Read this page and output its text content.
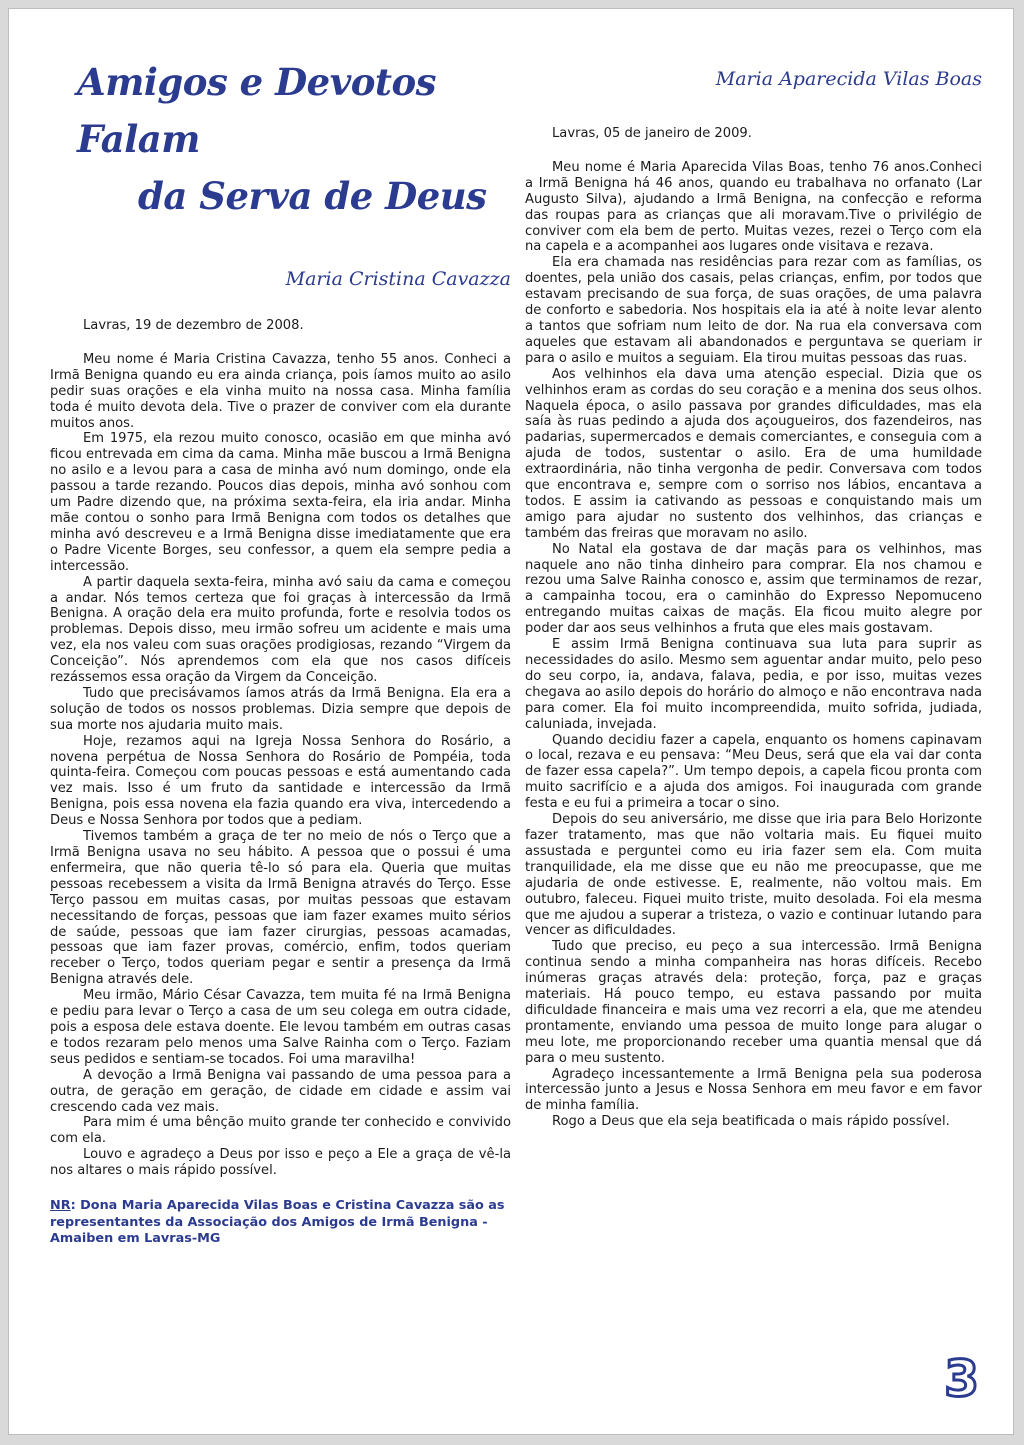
Amigos e Devotos Falam
da Serva de Deus

Maria Cristina Cavazza

Lavras, 19 de dezembro de 2008.

Meu nome é Maria Cristina Cavazza, tenho 55 anos. Conheci a Irmã Benigna quando eu era ainda criança, pois íamos muito ao asilo pedir suas orações e ela vinha muito na nossa casa. Minha família toda é muito devota dela. Tive o prazer de conviver com ela durante muitos anos.

Em 1975, ela rezou muito conosco, ocasião em que minha avó ficou entrevada em cima da cama. Minha mãe buscou a Irmã Benigna no asilo e a levou para a casa de minha avó num domingo, onde ela passou a tarde rezando. Poucos dias depois, minha avó sonhou com um Padre dizendo que, na próxima sexta-feira, ela iria andar. Minha mãe contou o sonho para Irmã Benigna com todos os detalhes que minha avó descreveu e a Irmã Benigna disse imediatamente que era o Padre Vicente Borges, seu confessor, a quem ela sempre pedia a intercessão.

A partir daquela sexta-feira, minha avó saiu da cama e começou a andar. Nós temos certeza que foi graças à intercessão da Irmã Benigna. A oração dela era muito profunda, forte e resolvia todos os problemas. Depois disso, meu irmão sofreu um acidente e mais uma vez, ela nos valeu com suas orações prodigiosas, rezando “Virgem da Conceição”. Nós aprendemos com ela que nos casos difíceis rezássemos essa oração da Virgem da Conceição.

Tudo que precisávamos íamos atrás da Irmã Benigna. Ela era a solução de todos os nossos problemas. Dizia sempre que depois de sua morte nos ajudaria muito mais.

Hoje, rezamos aqui na Igreja Nossa Senhora do Rosário, a novena perpétua de Nossa Senhora do Rosário de Pompéia, toda quinta-feira. Começou com poucas pessoas e está aumentando cada vez mais. Isso é um fruto da santidade e intercessão da Irmã Benigna, pois essa novena ela fazia quando era viva, intercedendo a Deus e Nossa Senhora por todos que a pediam.

Tivemos também a graça de ter no meio de nós o Terço que a Irmã Benigna usava no seu hábito. A pessoa que o possui é uma enfermeira, que não queria tê-lo só para ela. Queria que muitas pessoas recebessem a visita da Irmã Benigna através do Terço. Esse Terço passou em muitas casas, por muitas pessoas que estavam necessitando de forças, pessoas que iam fazer exames muito sérios de saúde, pessoas que iam fazer cirurgias, pessoas acamadas, pessoas que iam fazer provas, comércio, enfim, todos queriam receber o Terço, todos queriam pegar e sentir a presença da Irmã Benigna através dele.

Meu irmão, Mário César Cavazza, tem muita fé na Irmã Benigna e pediu para levar o Terço a casa de um seu colega em outra cidade, pois a esposa dele estava doente. Ele levou também em outras casas e todos rezaram pelo menos uma Salve Rainha com o Terço. Faziam seus pedidos e sentiam-se tocados. Foi uma maravilha!

A devoção a Irmã Benigna vai passando de uma pessoa para a outra, de geração em geração, de cidade em cidade e assim vai crescendo cada vez mais.

Para mim é uma bênção muito grande ter conhecido e convivido com ela.

Louvo e agradeço a Deus por isso e peço a Ele a graça de vê-la nos altares o mais rápido possível.

NR: Dona Maria Aparecida Vilas Boas e Cristina Cavazza são as representantes da Associação dos Amigos de Irmã Benigna - Amaiben em Lavras-MG

Maria Aparecida Vilas Boas

Lavras, 05 de janeiro de 2009.

Meu nome é Maria Aparecida Vilas Boas, tenho 76 anos.Conheci a Irmã Benigna há 46 anos, quando eu trabalhava no orfanato (Lar Augusto Silva), ajudando a Irmã Benigna, na confecção e reforma das roupas para as crianças que ali moravam.Tive o privilégio de conviver com ela bem de perto. Muitas vezes, rezei o Terço com ela na capela e a acompanhei aos lugares onde visitava e rezava.

Ela era chamada nas residências para rezar com as famílias, os doentes, pela união dos casais, pelas crianças, enfim, por todos que estavam precisando de sua força, de suas orações, de uma palavra de conforto e sabedoria. Nos hospitais ela ia até à noite levar alento a tantos que sofriam num leito de dor. Na rua ela conversava com aqueles que estavam ali abandonados e perguntava se queriam ir para o asilo e muitos a seguiam. Ela tirou muitas pessoas das ruas.

Aos velhinhos ela dava uma atenção especial. Dizia que os velhinhos eram as cordas do seu coração e a menina dos seus olhos. Naquela época, o asilo passava por grandes dificuldades, mas ela saía às ruas pedindo a ajuda dos açougueiros, dos fazendeiros, nas padarias, supermercados e demais comerciantes, e conseguia com a ajuda de todos, sustentar o asilo. Era de uma humildade extraordinária, não tinha vergonha de pedir. Conversava com todos que encontrava e, sempre com o sorriso nos lábios, encantava a todos. E assim ia cativando as pessoas e conquistando mais um amigo para ajudar no sustento dos velhinhos, das crianças e também das freiras que moravam no asilo.

No Natal ela gostava de dar maçãs para os velhinhos, mas naquele ano não tinha dinheiro para comprar. Ela nos chamou e rezou uma Salve Rainha conosco e, assim que terminamos de rezar, a campainha tocou, era o caminhão do Expresso Nepomuceno entregando muitas caixas de maçãs. Ela ficou muito alegre por poder dar aos seus velhinhos a fruta que eles mais gostavam.

E assim Irmã Benigna continuava sua luta para suprir as necessidades do asilo. Mesmo sem aguentar andar muito, pelo peso do seu corpo, ia, andava, falava, pedia, e por isso, muitas vezes chegava ao asilo depois do horário do almoço e não encontrava nada para comer. Ela foi muito incompreendida, muito sofrida, judiada, caluniada, invejada.

Quando decidiu fazer a capela, enquanto os homens capinavam o local, rezava e eu pensava: “Meu Deus, será que ela vai dar conta de fazer essa capela?”. Um tempo depois, a capela ficou pronta com muito sacrifício e a ajuda dos amigos. Foi inaugurada com grande festa e eu fui a primeira a tocar o sino.

Depois do seu aniversário, me disse que iria para Belo Horizonte fazer tratamento, mas que não voltaria mais. Eu fiquei muito assustada e perguntei como eu iria fazer sem ela. Com muita tranquilidade, ela me disse que eu não me preocupasse, que me ajudaria de onde estivesse. E, realmente, não voltou mais. Em outubro, faleceu. Fiquei muito triste, muito desolada. Foi ela mesma que me ajudou a superar a tristeza, o vazio e continuar lutando para vencer as dificuldades.

Tudo que preciso, eu peço a sua intercessão. Irmã Benigna continua sendo a minha companheira nas horas difíceis. Recebo inúmeras graças através dela: proteção, força, paz e graças materiais. Há pouco tempo, eu estava passando por muita dificuldade financeira e mais uma vez recorri a ela, que me atendeu prontamente, enviando uma pessoa de muito longe para alugar o meu lote, me proporcionando receber uma quantia mensal que dá para o meu sustento.

Agradeço incessantemente a Irmã Benigna pela sua poderosa intercessão junto a Jesus e Nossa Senhora em meu favor e em favor de minha família.

Rogo a Deus que ela seja beatificada o mais rápido possível.

3
